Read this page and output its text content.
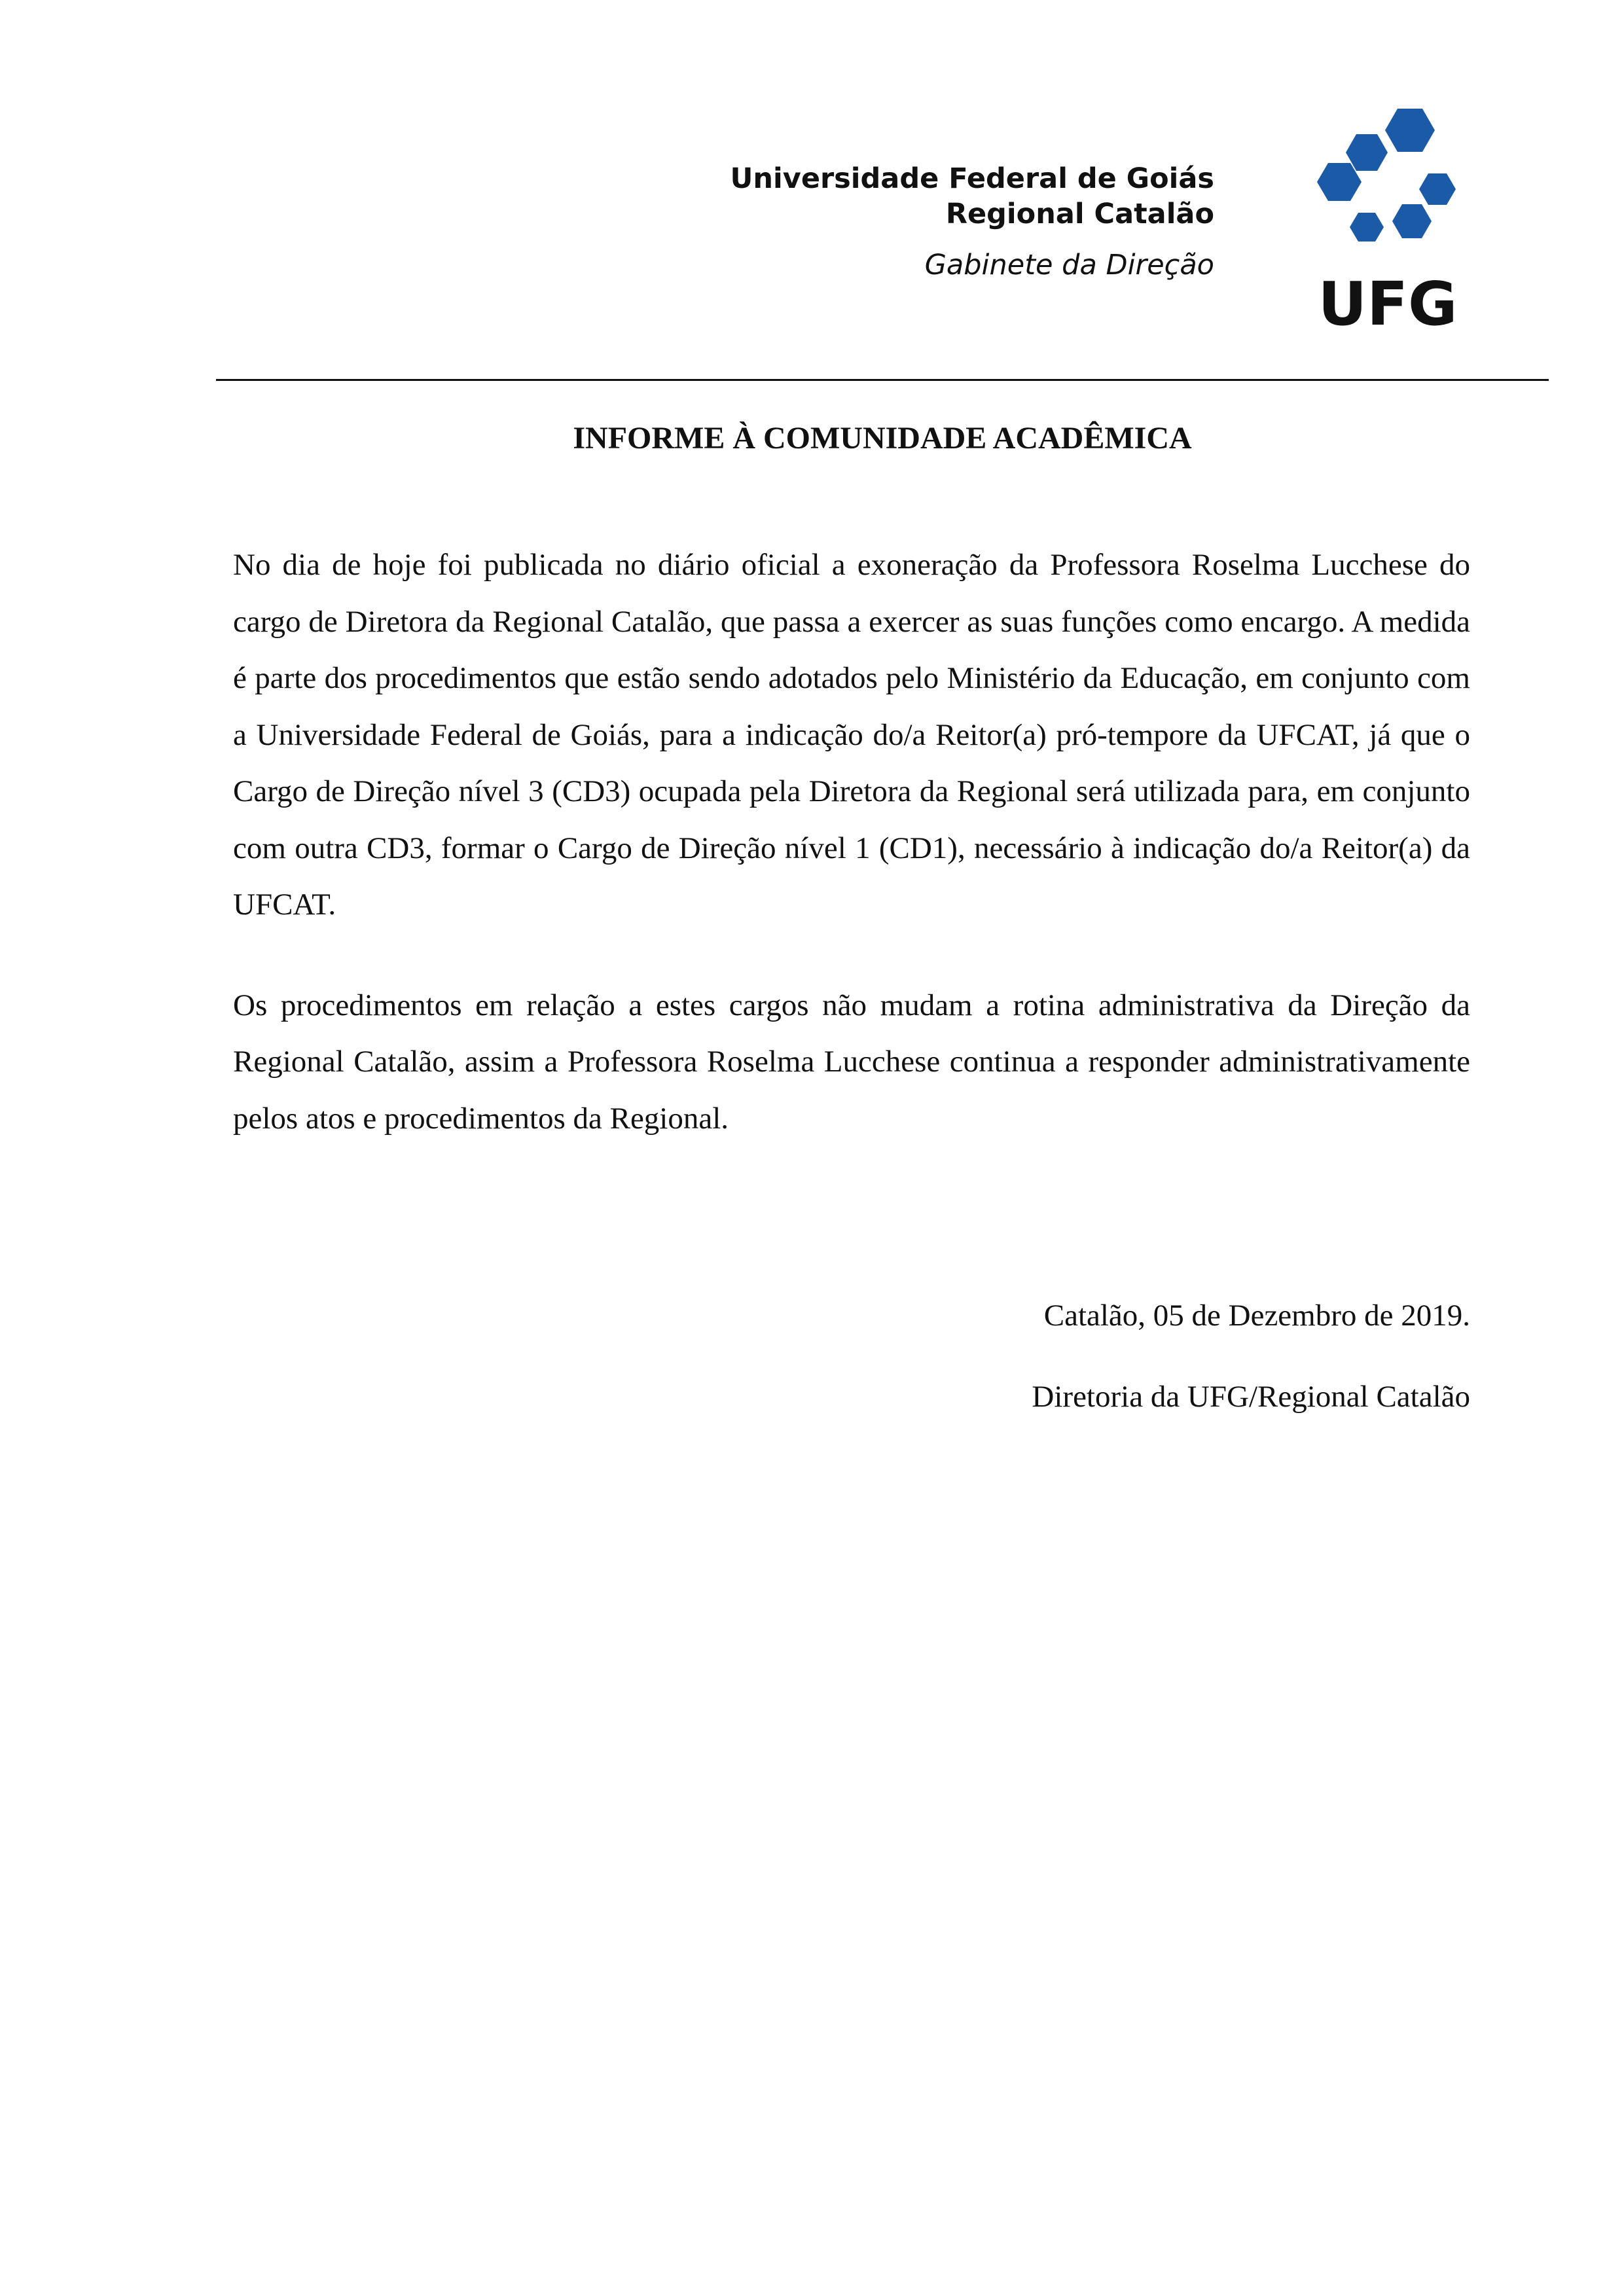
Universidade Federal de Goiás
Regional Catalão
Gabinete da Direção
UFG
INFORME À COMUNIDADE ACADÊMICA

No dia de hoje foi publicada no diário oficial a exoneração da Professora Roselma Lucchese do cargo de Diretora da Regional Catalão, que passa a exercer as suas funções como encargo. A medida é parte dos procedimentos que estão sendo adotados pelo Ministério da Educação, em conjunto com a Universidade Federal de Goiás, para a indicação do/a Reitor(a) pró-tempore da UFCAT, já que o Cargo de Direção nível 3 (CD3) ocupada pela Diretora da Regional será utilizada para, em conjunto com outra CD3, formar o Cargo de Direção nível 1 (CD1), necessário à indicação do/a Reitor(a) da UFCAT.

Os procedimentos em relação a estes cargos não mudam a rotina administrativa da Direção da Regional Catalão, assim a Professora Roselma Lucchese continua a responder administrativamente pelos atos e procedimentos da Regional.

Catalão, 05 de Dezembro de 2019.
Diretoria da UFG/Regional Catalão
